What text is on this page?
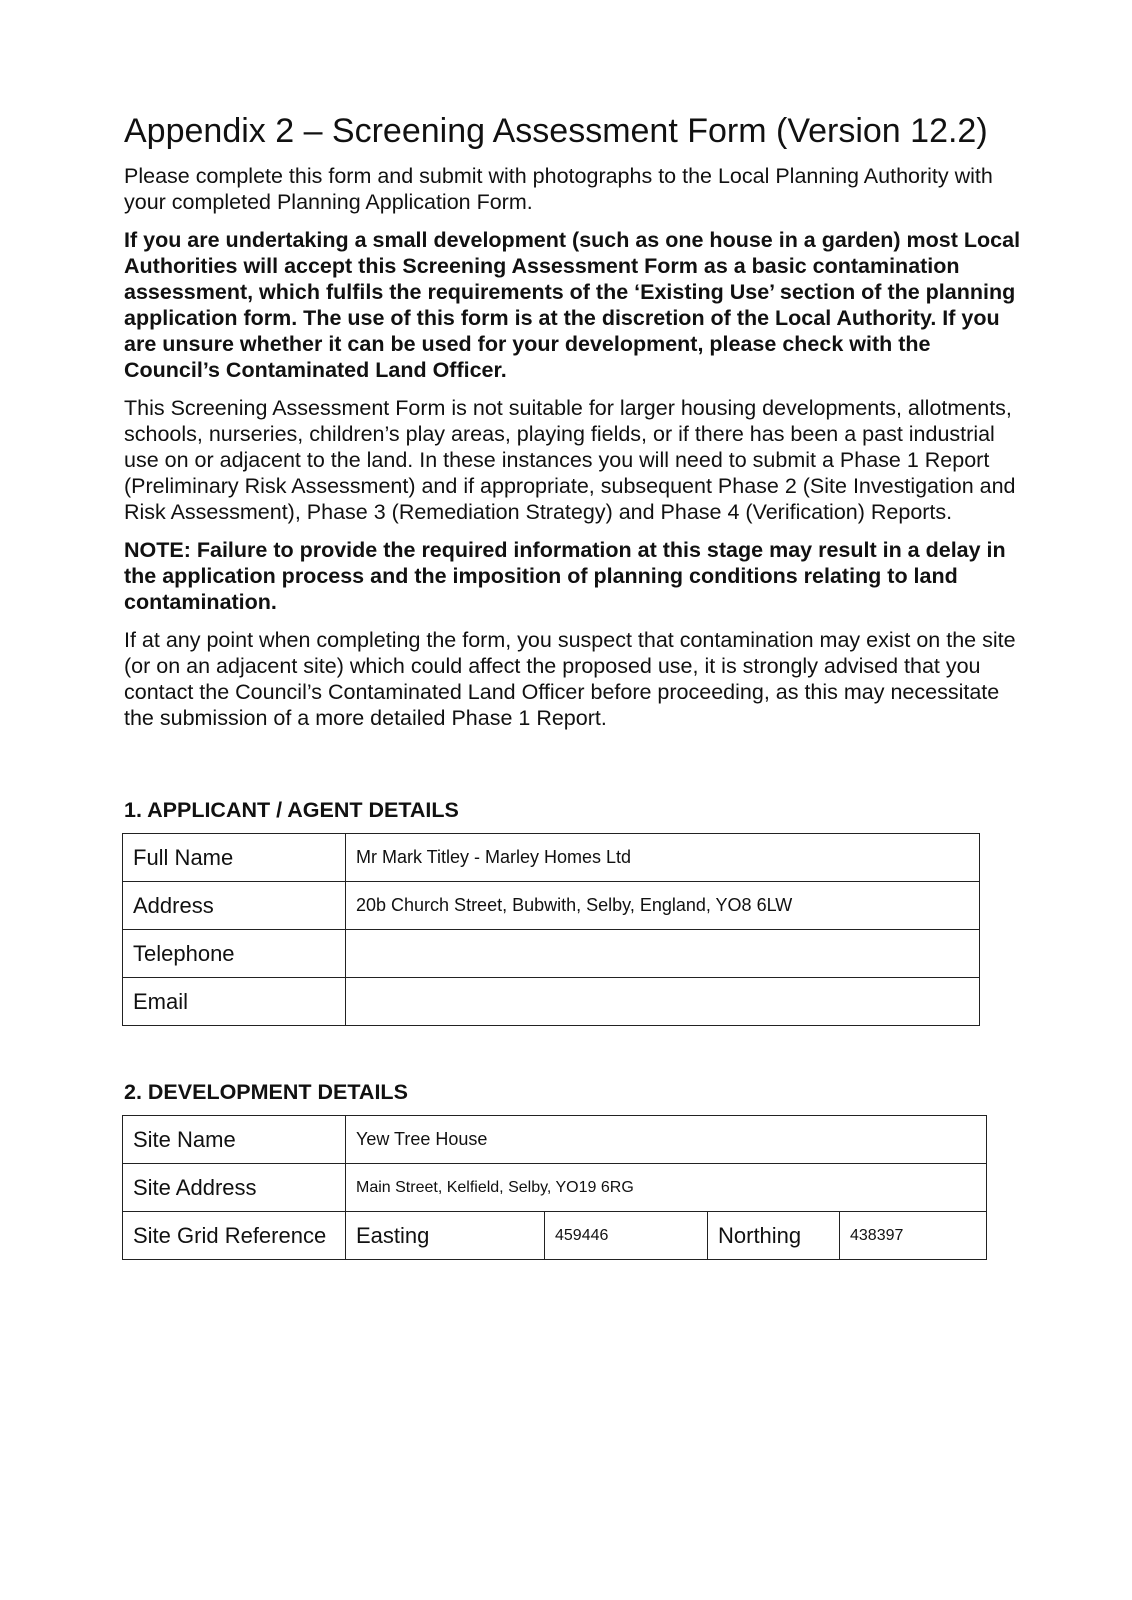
Appendix 2 – Screening Assessment Form (Version 12.2)

Please complete this form and submit with photographs to the Local Planning Authority with your completed Planning Application Form.

If you are undertaking a small development (such as one house in a garden) most Local Authorities will accept this Screening Assessment Form as a basic contamination assessment, which fulfils the requirements of the ‘Existing Use’ section of the planning application form. The use of this form is at the discretion of the Local Authority. If you are unsure whether it can be used for your development, please check with the Council’s Contaminated Land Officer.

This Screening Assessment Form is not suitable for larger housing developments, allotments, schools, nurseries, children’s play areas, playing fields, or if there has been a past industrial use on or adjacent to the land. In these instances you will need to submit a Phase 1 Report (Preliminary Risk Assessment) and if appropriate, subsequent Phase 2 (Site Investigation and Risk Assessment), Phase 3 (Remediation Strategy) and Phase 4 (Verification) Reports.

NOTE: Failure to provide the required information at this stage may result in a delay in the application process and the imposition of planning conditions relating to land contamination.

If at any point when completing the form, you suspect that contamination may exist on the site (or on an adjacent site) which could affect the proposed use, it is strongly advised that you contact the Council’s Contaminated Land Officer before proceeding, as this may necessitate the submission of a more detailed Phase 1 Report.

1. APPLICANT / AGENT DETAILS
Full Name	Mr Mark Titley - Marley Homes Ltd
Address	20b Church Street, Bubwith, Selby, England, YO8 6LW
Telephone	
Email	
2. DEVELOPMENT DETAILS
Site Name	Yew Tree House			
Site Address	Main Street, Kelfield, Selby, YO19 6RG			
Site Grid Reference	Easting	459446	Northing	438397
